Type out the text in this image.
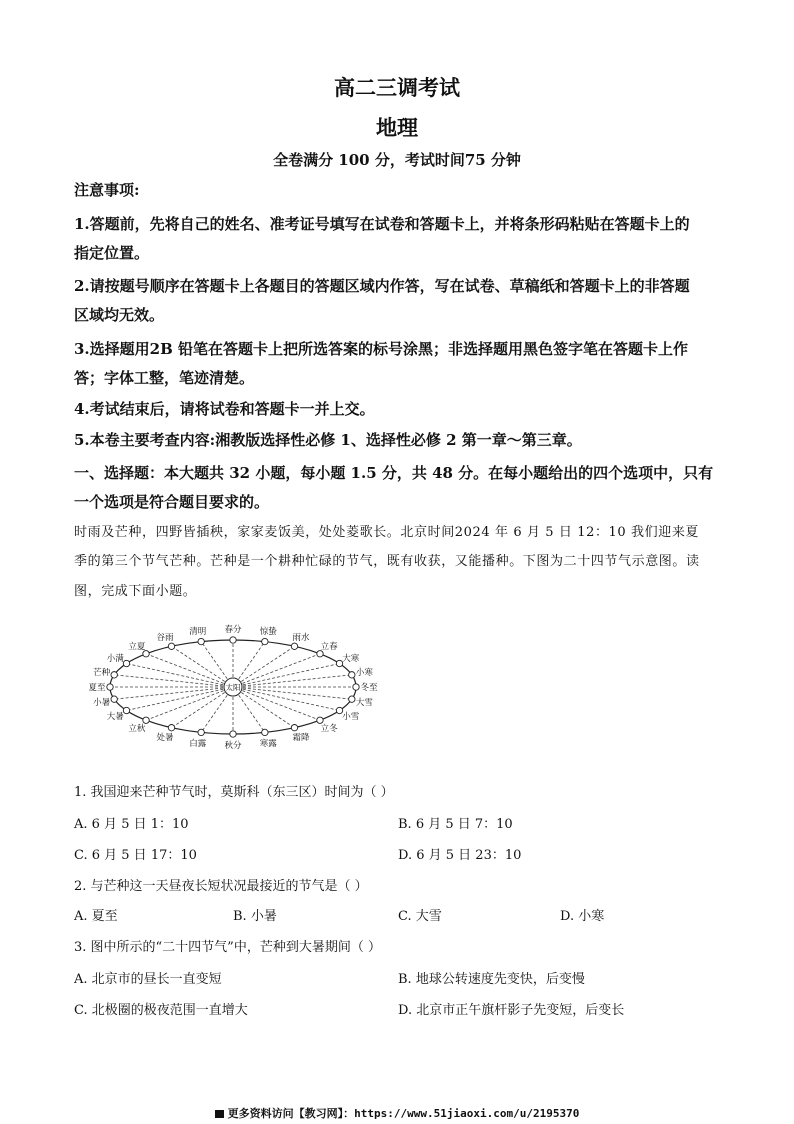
高二三调考试
地理
全卷满分 100 分，考试时间75 分钟
注意事项:
1.答题前，先将自己的姓名、准考证号填写在试卷和答题卡上，并将条形码粘贴在答题卡上的
指定位置。
2.请按题号顺序在答题卡上各题目的答题区域内作答，写在试卷、草稿纸和答题卡上的非答题
区域均无效。
3.选择题用2B 铅笔在答题卡上把所选答案的标号涂黑；非选择题用黑色签字笔在答题卡上作
答；字体工整，笔迹清楚。
4.考试结束后，请将试卷和答题卡一并上交。
5.本卷主要考查内容:湘教版选择性必修 1、选择性必修 2 第一章～第三章。
一、选择题：本大题共 32 小题，每小题 1.5 分，共 48 分。在每小题给出的四个选项中，只有
一个选项是符合题目要求的。
时雨及芒种，四野皆插秧，家家麦饭美，处处菱歌长。北京时间2024 年 6 月 5 日 12：10 我们迎来夏
季的第三个节气芒种。芒种是一个耕种忙碌的节气，既有收获，又能播种。下图为二十四节气示意图。读
图，完成下面小题。
太阳
夏至
芒种
小满
立夏
谷雨
清明 春分 惊蛰
雨水
立春
大寒
小寒
冬至
大雪
小雪
立冬
霜降
寒露
秋分
白露
处暑
立秋
大暑
小暑
1. 我国迎来芒种节气时，莫斯科（东三区）时间为（ ）
A. 6 月 5 日 1：10	B. 6 月 5 日 7：10
C. 6 月 5 日 17：10	D. 6 月 5 日 23：10
2. 与芒种这一天昼夜长短状况最接近的节气是（ ）
A. 夏至	B. 小暑	C. 大雪	D. 小寒
3. 图中所示的“二十四节气”中，芒种到大暑期间（ ）
A. 北京市的昼长一直变短	B. 地球公转速度先变快，后变慢
C. 北极圈的极夜范围一直增大	D. 北京市正午旗杆影子先变短，后变长
更多资料访问【教习网】：https://www.51jiaoxi.com/u/2195370
